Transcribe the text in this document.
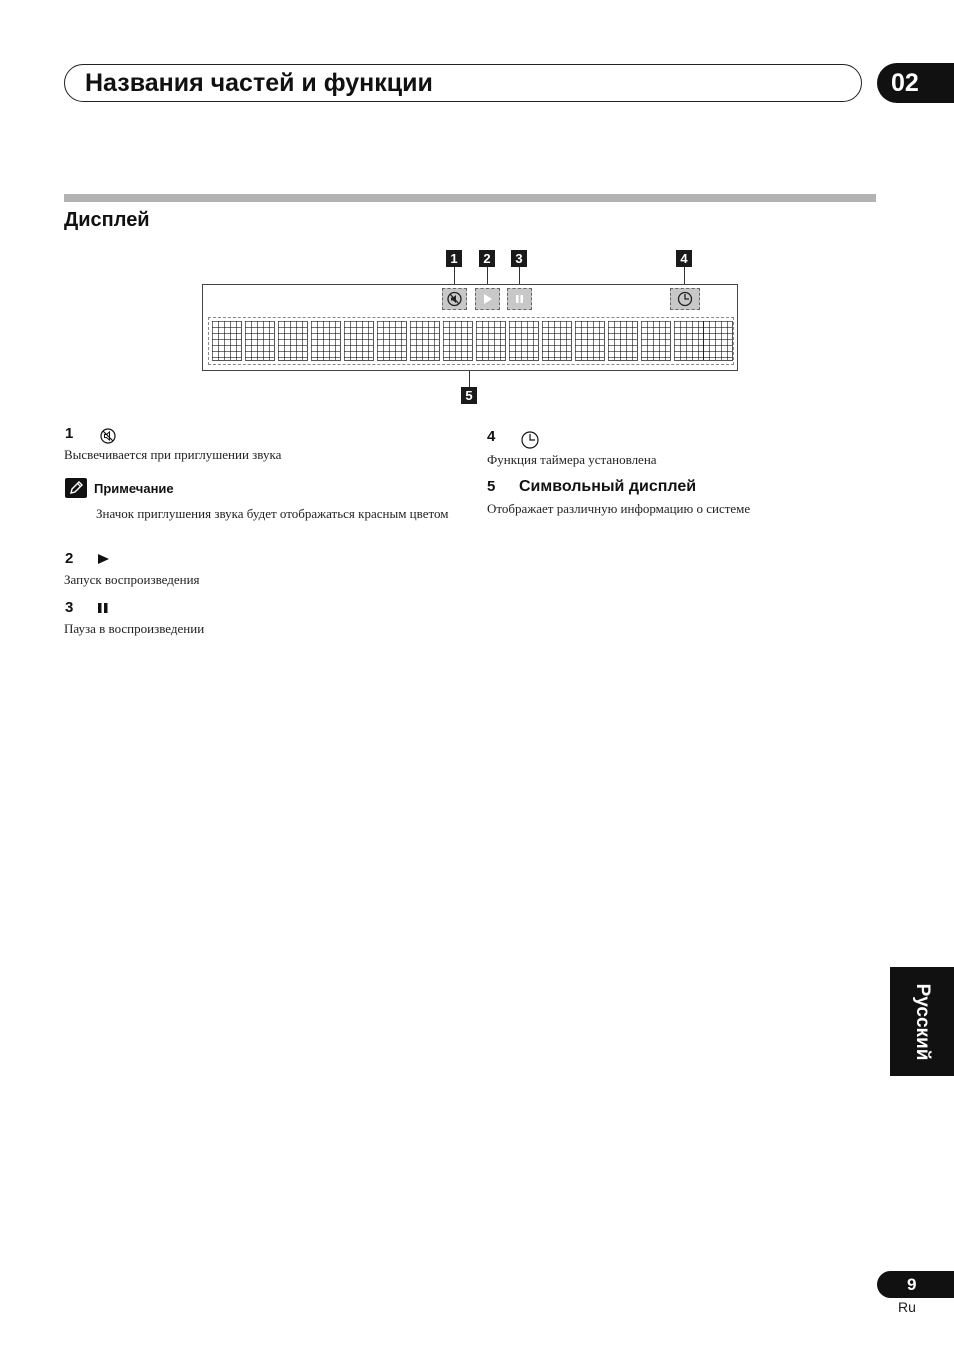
Названия частей и функции	02
Дисплей
1	2	3	4
5
1
Высвечивается при приглушении звука
Примечание
Значок приглушения звука будет отображаться красным цветом
2
Запуск воспроизведения
3
Пауза в воспроизведении
4
Функция таймера установлена
5 Символьный дисплей
Отображает различную информацию о системе
Русский
9
Ru
